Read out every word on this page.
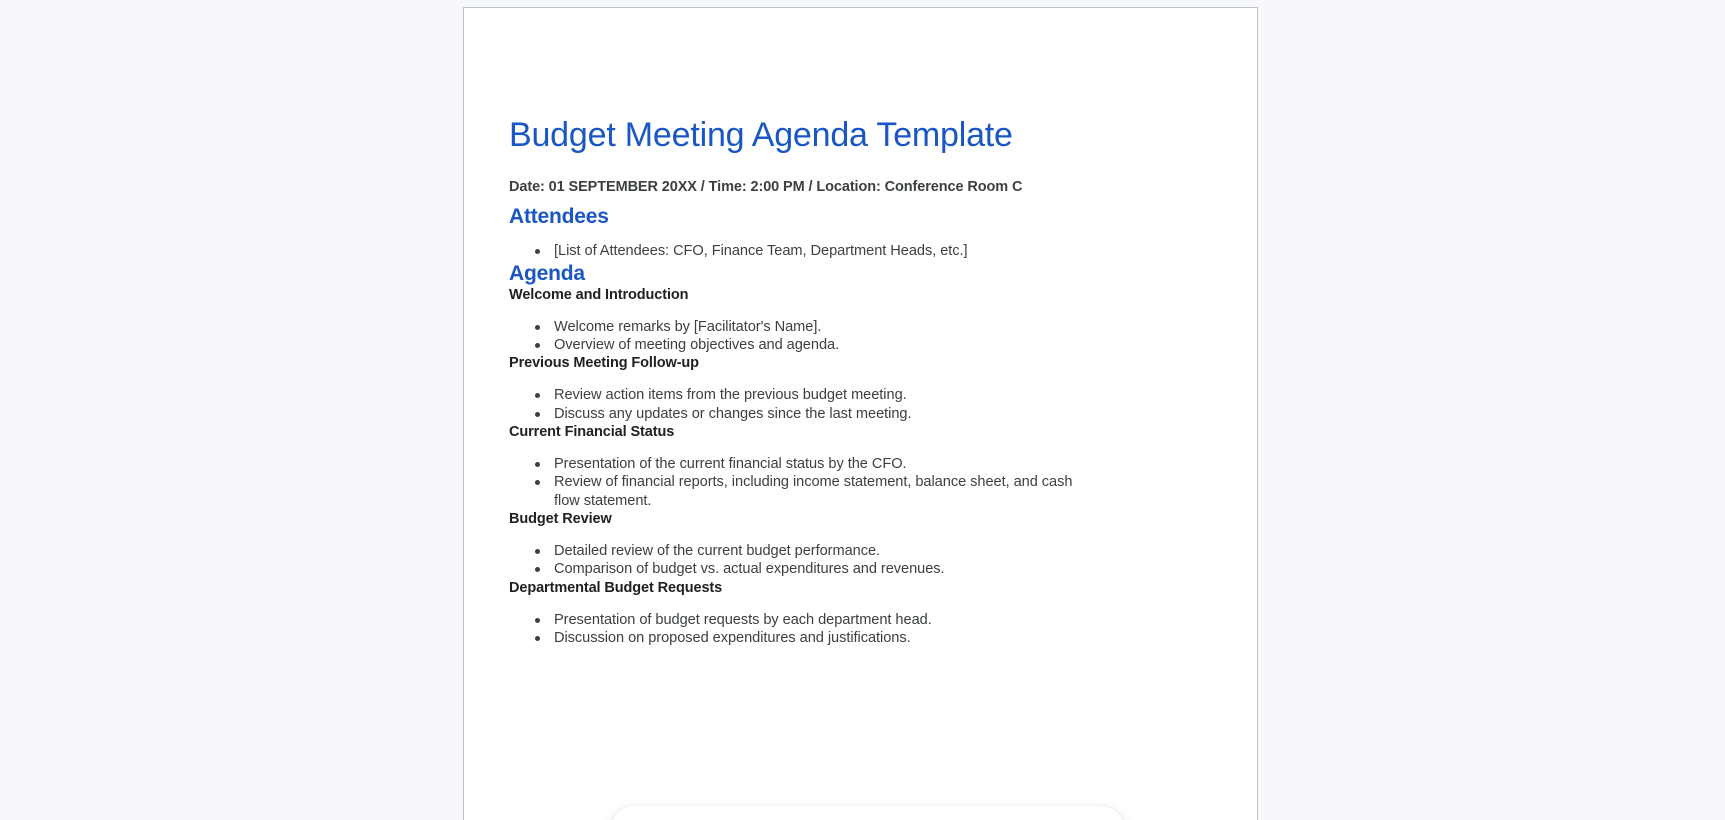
Budget Meeting Agenda Template
Date: 01 SEPTEMBER 20XX / Time: 2:00 PM / Location: Conference Room C
Attendees
[List of Attendees: CFO, Finance Team, Department Heads, etc.]
Agenda
Welcome and Introduction
Welcome remarks by [Facilitator's Name].
Overview of meeting objectives and agenda.
Previous Meeting Follow-up
Review action items from the previous budget meeting.
Discuss any updates or changes since the last meeting.
Current Financial Status
Presentation of the current financial status by the CFO.
Review of financial reports, including income statement, balance sheet, and cash flow statement.
Budget Review
Detailed review of the current budget performance.
Comparison of budget vs. actual expenditures and revenues.
Departmental Budget Requests
Presentation of budget requests by each department head.
Discussion on proposed expenditures and justifications.
